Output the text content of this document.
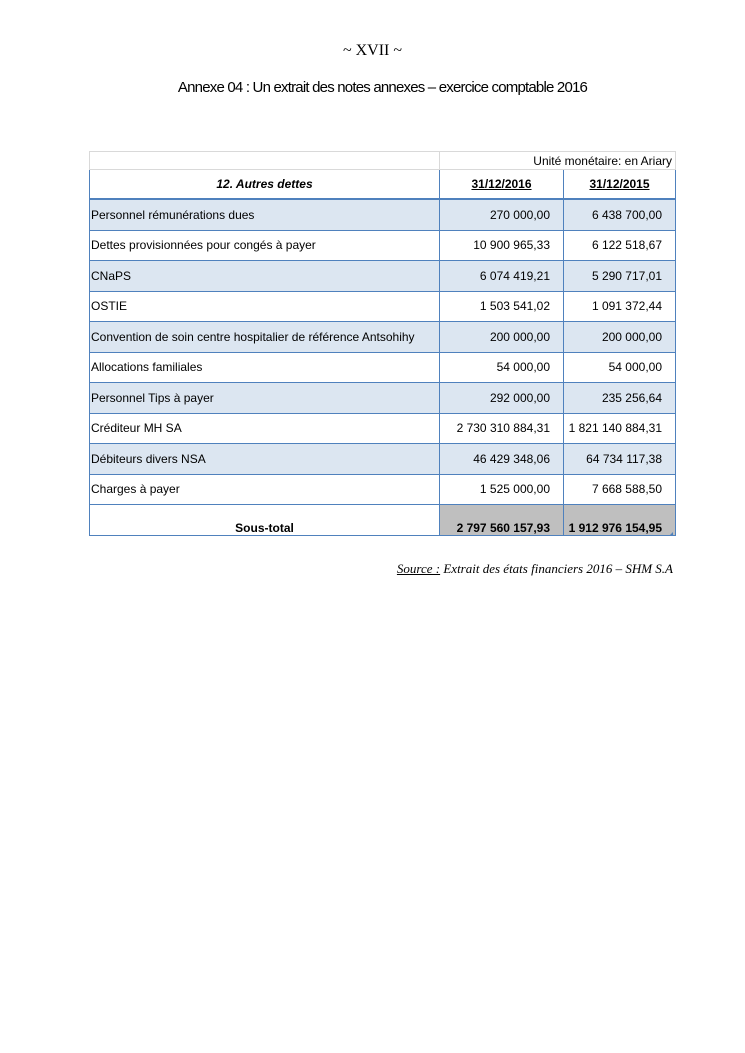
~ XVII ~
Annexe 04 : Un extrait des notes annexes – exercice comptable 2016
	Unité monétaire: en Ariary	
12. Autres dettes	31/12/2016	31/12/2015
Personnel rémunérations dues	270 000,00	6 438 700,00
Dettes provisionnées pour congés à payer	10 900 965,33	6 122 518,67
CNaPS	6 074 419,21	5 290 717,01
OSTIE	1 503 541,02	1 091 372,44
Convention de soin centre hospitalier de référence Antsohihy	200 000,00	200 000,00
Allocations familiales	54 000,00	54 000,00
Personnel Tips à payer	292 000,00	235 256,64
Créditeur MH SA	2 730 310 884,31	1 821 140 884,31
Débiteurs divers NSA	46 429 348,06	64 734 117,38
Charges à payer	1 525 000,00	7 668 588,50
Sous-total	2 797 560 157,93	1 912 976 154,95
Source : Extrait des états financiers 2016 – SHM S.A
